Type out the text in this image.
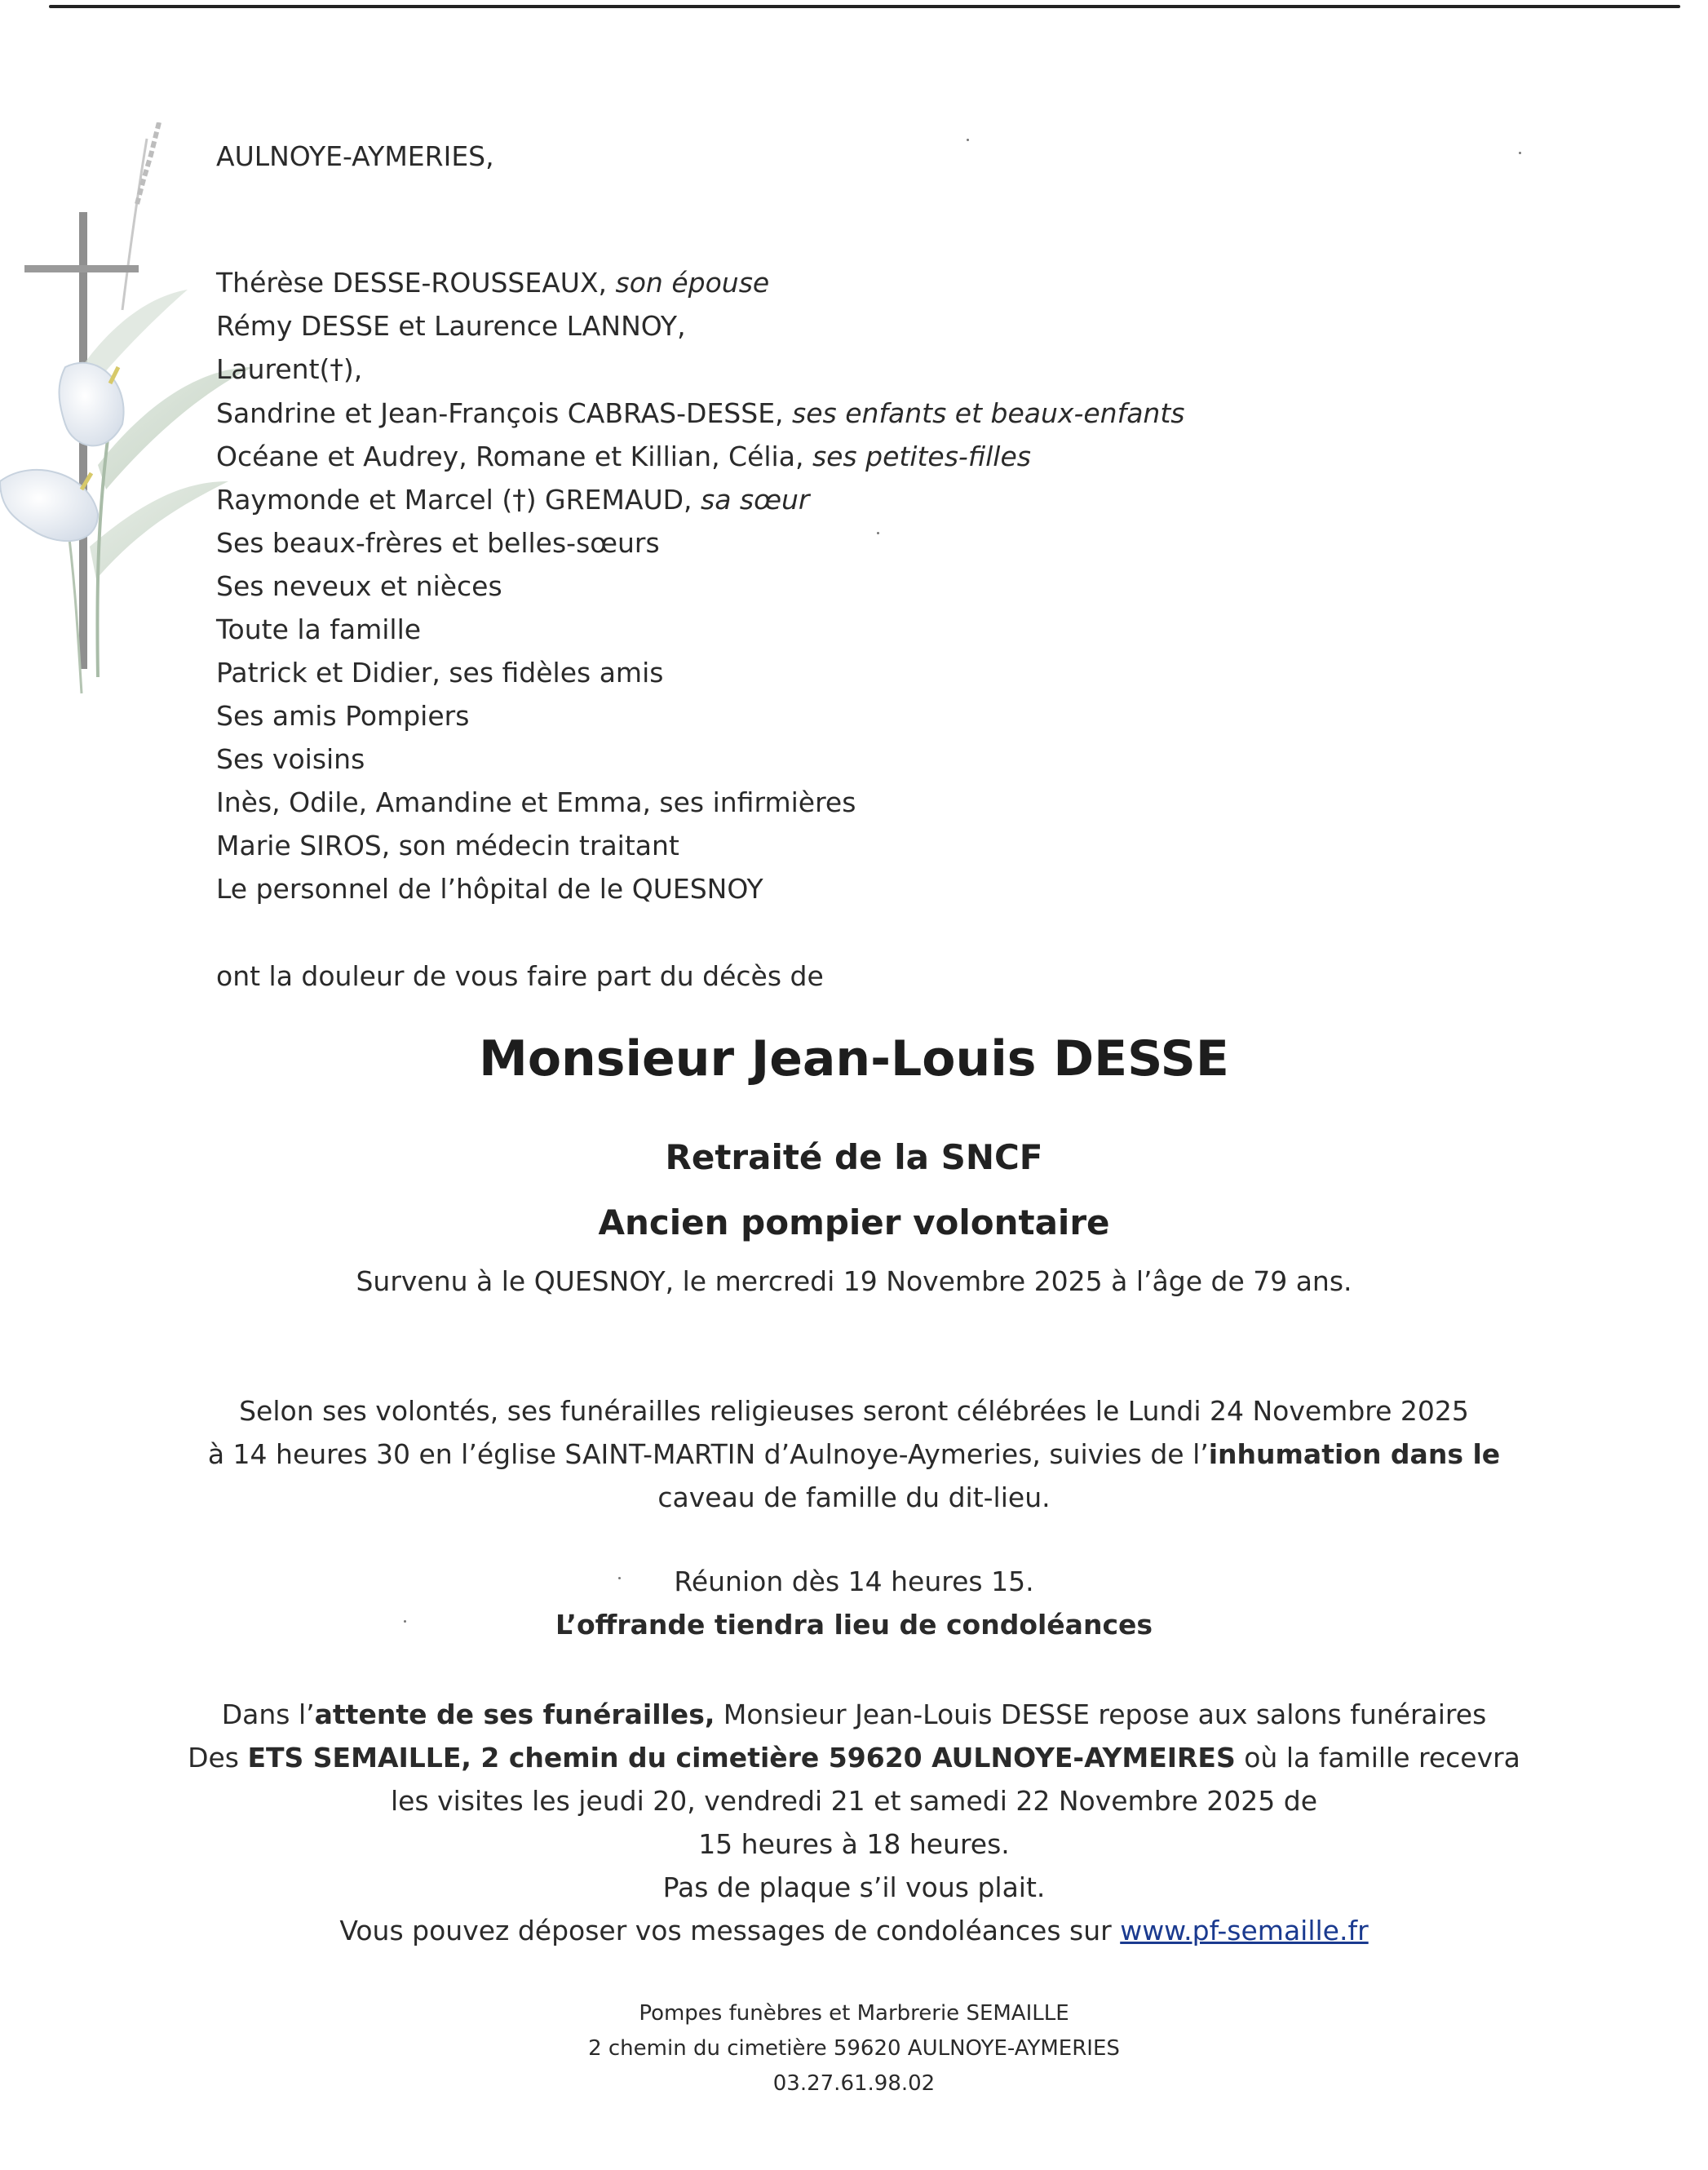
AULNOYE-AYMERIES,
Thérèse DESSE-ROUSSEAUX, son épouse
Rémy DESSE et Laurence LANNOY,
Laurent(†),
Sandrine et Jean-François CABRAS-DESSE, ses enfants et beaux-enfants
Océane et Audrey, Romane et Killian, Célia, ses petites-filles
Raymonde et Marcel (†) GREMAUD, sa sœur
Ses beaux-frères et belles-sœurs
Ses neveux et nièces
Toute la famille
Patrick et Didier, ses fidèles amis
Ses amis Pompiers
Ses voisins
Inès, Odile, Amandine et Emma, ses infirmières
Marie SIROS, son médecin traitant
Le personnel de l’hôpital de le QUESNOY
ont la douleur de vous faire part du décès de
Monsieur Jean-Louis DESSE
Retraité de la SNCF
Ancien pompier volontaire
Survenu à le QUESNOY, le mercredi 19 Novembre 2025 à l’âge de 79 ans.
Selon ses volontés, ses funérailles religieuses seront célébrées le Lundi 24 Novembre 2025
à 14 heures 30 en l’église SAINT-MARTIN d’Aulnoye-Aymeries, suivies de l’inhumation dans le
caveau de famille du dit-lieu.
Réunion dès 14 heures 15.
L’offrande tiendra lieu de condoléances
Dans l’attente de ses funérailles, Monsieur Jean-Louis DESSE repose aux salons funéraires
Des ETS SEMAILLE, 2 chemin du cimetière 59620 AULNOYE-AYMEIRES où la famille recevra
les visites les jeudi 20, vendredi 21 et samedi 22 Novembre 2025 de
15 heures à 18 heures.
Pas de plaque s’il vous plait.
Vous pouvez déposer vos messages de condoléances sur www.pf-semaille.fr
Pompes funèbres et Marbrerie SEMAILLE
2 chemin du cimetière 59620 AULNOYE-AYMERIES
03.27.61.98.02
